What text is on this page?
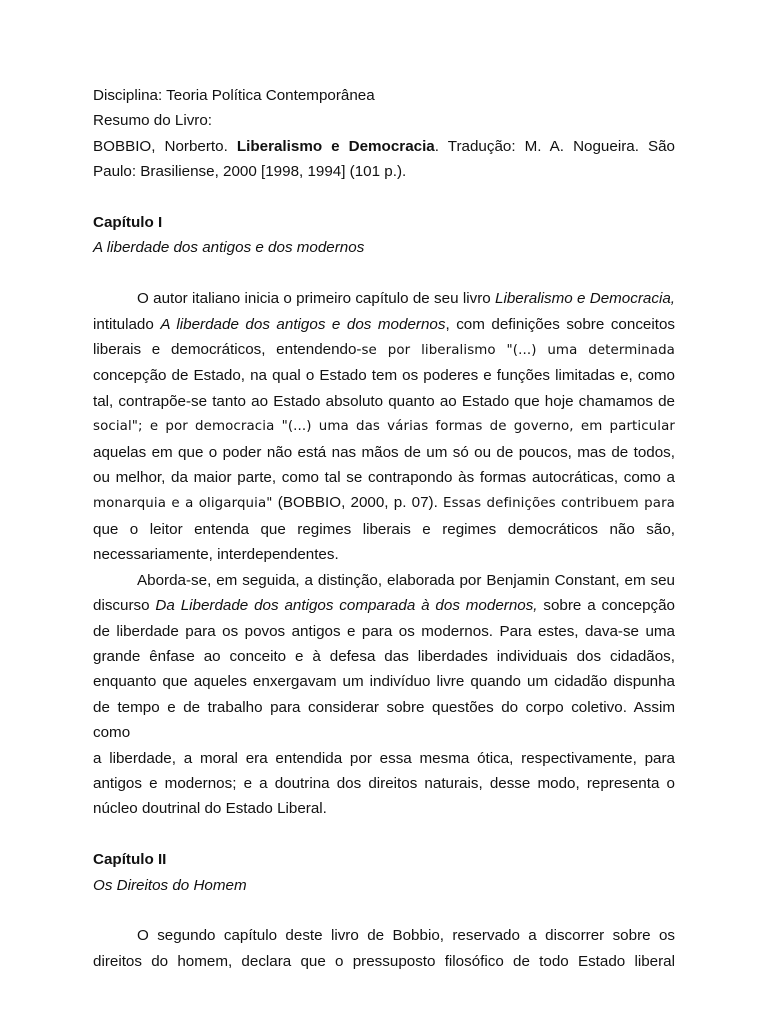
Disciplina: Teoria Política Contemporânea
Resumo do Livro:
BOBBIO, Norberto. Liberalismo e Democracia. Tradução: M. A. Nogueira. São
Paulo: Brasiliense, 2000 [1998, 1994] (101 p.).
Capítulo I
A liberdade dos antigos e dos modernos
O autor italiano inicia o primeiro capítulo de seu livro Liberalismo e Democracia,
intitulado A liberdade dos antigos e dos modernos, com definições sobre conceitos
liberais e democráticos, entendendo-se por liberalismo "(...) uma determinada
concepção de Estado, na qual o Estado tem os poderes e funções limitadas e, como
tal, contrapõe-se tanto ao Estado absoluto quanto ao Estado que hoje chamamos de
social"; e por democracia "(...) uma das várias formas de governo, em particular
aquelas em que o poder não está nas mãos de um só ou de poucos, mas de todos,
ou melhor, da maior parte, como tal se contrapondo às formas autocráticas, como a
monarquia e a oligarquia" (BOBBIO, 2000, p. 07). Essas definições contribuem para
que o leitor entenda que regimes liberais e regimes democráticos não são,
necessariamente, interdependentes.
Aborda-se, em seguida, a distinção, elaborada por Benjamin Constant, em seu
discurso Da Liberdade dos antigos comparada à dos modernos, sobre a concepção
de liberdade para os povos antigos e para os modernos. Para estes, dava-se uma
grande ênfase ao conceito e à defesa das liberdades individuais dos cidadãos,
enquanto que aqueles enxergavam um indivíduo livre quando um cidadão dispunha
de tempo e de trabalho para considerar sobre questões do corpo coletivo. Assim como
a liberdade, a moral era entendida por essa mesma ótica, respectivamente, para
antigos e modernos; e a doutrina dos direitos naturais, desse modo, representa o
núcleo doutrinal do Estado Liberal.
Capítulo II
Os Direitos do Homem
O segundo capítulo deste livro de Bobbio, reservado a discorrer sobre os
direitos do homem, declara que o pressuposto filosófico de todo Estado liberal
